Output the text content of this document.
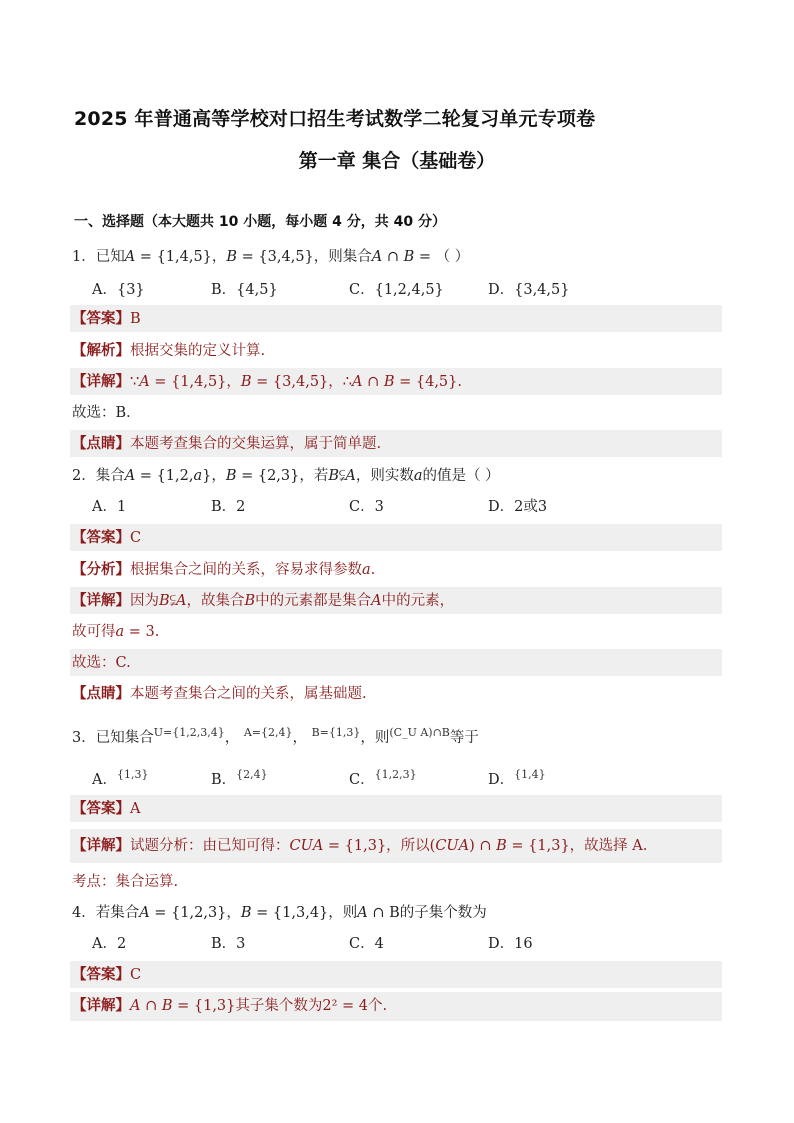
2025 年普通高等学校对口招生考试数学二轮复习单元专项卷
第一章 集合（基础卷）
一、选择题（本大题共 10 小题，每小题 4 分，共 40 分）
1．已知𝐴 = {1,4,5}，𝐵 = {3,4,5}，则集合𝐴 ∩ 𝐵 = （ ）
A．{3}	B．{4,5}	C．{1,2,4,5}	D．{3,4,5}
【答案】B
【解析】根据交集的定义计算.
【详解】∵𝐴 = {1,4,5}，𝐵 = {3,4,5}，∴𝐴 ∩ 𝐵 = {4,5}.
故选：B．
【点睛】本题考查集合的交集运算，属于简单题.
2．集合𝐴 = {1,2,𝑎}，𝐵 = {2,3}，若𝐵⫋𝐴，则实数𝑎的值是（ ）
A．1	B．2	C．3	D．2或3
【答案】C
【分析】根据集合之间的关系，容易求得参数𝑎.
【详解】因为𝐵⫋𝐴，故集合𝐵中的元素都是集合𝐴中的元素，
故可得𝑎 = 3.
故选：C.
【点睛】本题考查集合之间的关系，属基础题.
3．已知集合$^{U=\{1,2,3,4\}}$， $^{A=\{2,4\}}$， $^{B=\{1,3\}}$，则$^{(C\_U A)\cap B}$等于
A．$^{\{1,3\}}$	B．$^{\{2,4\}}$	C．$^{\{1,2,3\}}$	D．$^{\{1,4\}}$
【答案】A
【详解】试题分析：由已知可得：𝐶𝑈𝐴 = {1,3}，所以(𝐶𝑈𝐴) ∩ 𝐵 = {1,3}，故选择 A.
考点：集合运算.
4．若集合𝐴 = {1,2,3}，𝐵 = {1,3,4}，则𝐴 ∩ B的子集个数为
A．2	B．3	C．4	D．16
【答案】C
【详解】𝐴 ∩ 𝐵 = {1,3}其子集个数为2² = 4个.
